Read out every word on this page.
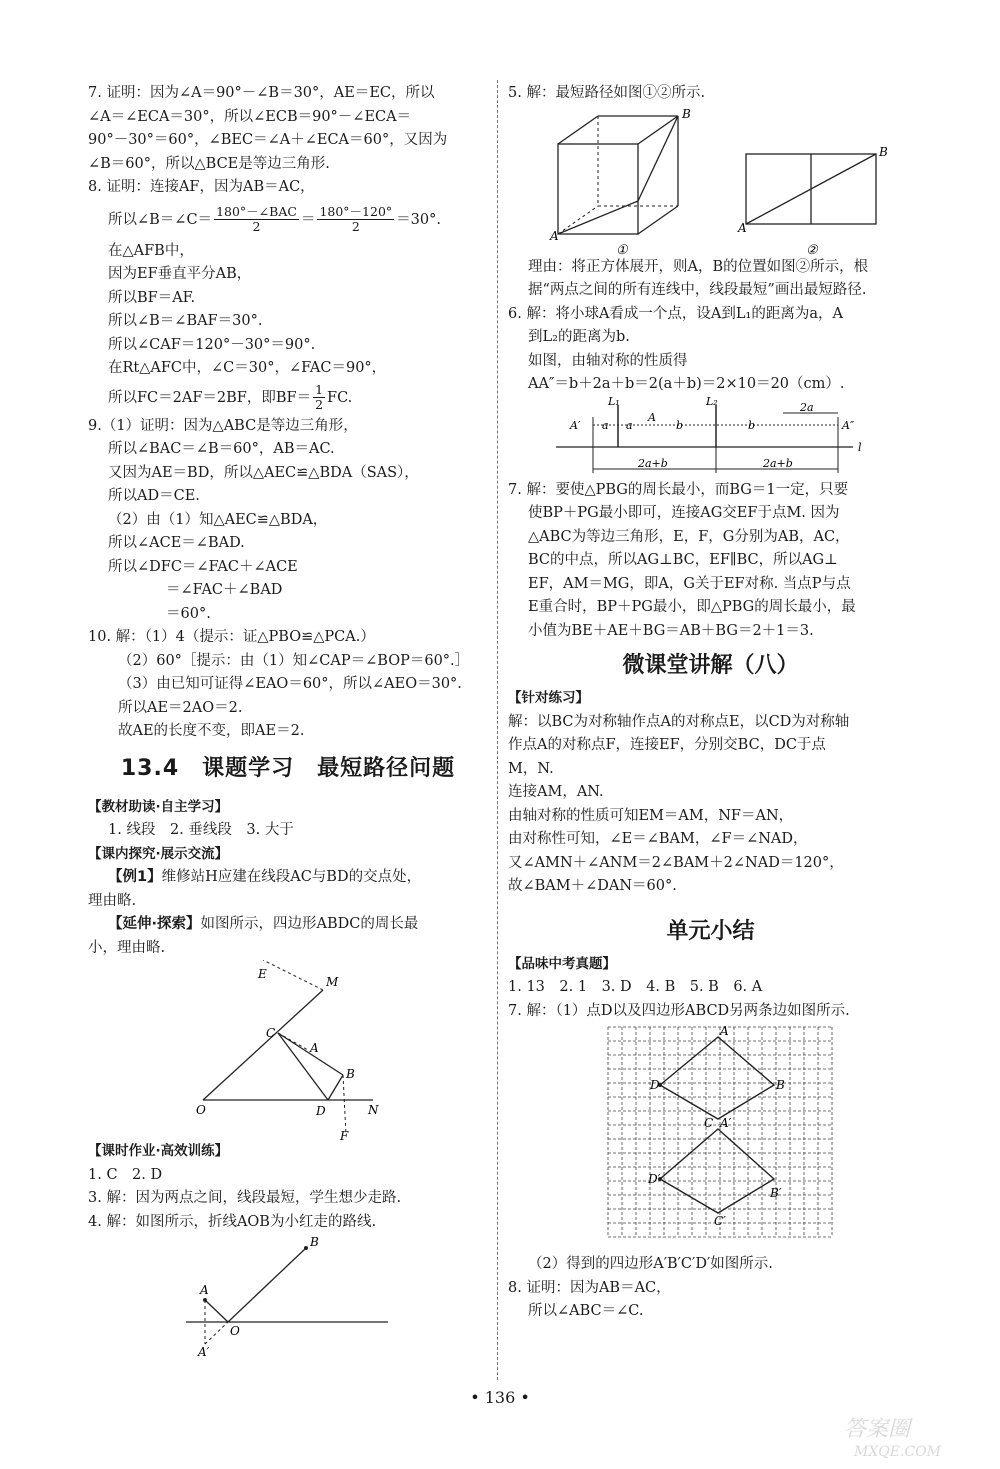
7. 证明：因为∠A＝90°－∠B＝30°，AE＝EC，所以
∠A＝∠ECA＝30°，所以∠ECB＝90°－∠ECA＝
90°－30°＝60°，∠BEC＝∠A＋∠ECA＝60°，又因为
∠B＝60°，所以△BCE是等边三角形.
8. 证明：连接AF，因为AB＝AC，
所以∠B＝∠C＝ $\frac{\text{180°－∠BAC}}{2} = \frac{180^\circ-120^\circ}{2} =30^\circ$.
在△AFB中，
因为EF垂直平分AB，
所以BF＝AF.
所以∠B＝∠BAF＝30°.
所以∠CAF＝120°－30°＝90°.
在Rt△AFC中，∠C＝30°，∠FAC＝90°，
所以FC＝2AF＝2BF，即$BF= \frac{1}{2}$ FC.
9.（1）证明：因为△ABC是等边三角形，
所以∠BAC＝∠B＝60°，AB＝AC.
又因为AE＝BD，所以△AEC≌△BDA（SAS），
所以AD＝CE.
（2）由（1）知△AEC≌△BDA，
所以∠ACE＝∠BAD.
所以∠DFC＝∠FAC＋∠ACE
＝∠FAC＋∠BAD
＝60°.
10. 解：（1）4（提示：证△PBO≌△PCA.）
（2）60°［提示：由（1）知∠CAP＝∠BOP＝60°.］
（3）由已知可证得∠EAO＝60°，所以∠AEO＝30°.
所以AE＝2AO＝2.
故AE的长度不变，即AE＝2.
13.4　课题学习　最短路径问题
【教材助读·自主学习】
1. 线段　2. 垂线段　3. 大于
【课内探究·展示交流】
【例1】维修站H应建在线段AC与BD的交点处，
理由略.
【延伸·探索】如图所示，四边形ABDC的周长最
小，理由略.
E
M
C
A
B
O	D	N
F
【课时作业·高效训练】
1. C　2. D
3. 解：因为两点之间，线段最短，学生想少走路.
4. 解：如图所示，折线AOB为小红走的路线.
B
A
O
A′
5. 解：最短路径如图①②所示.
A
B
①
A
B
②
理由：将正方体展开，则A，B的位置如图②所示，根
据“两点之间的所有连线中，线段最短”画出最短路径.
6. 解：将小球A看成一个点，设A到L₁的距离为a，A
到L₂的距离为b.
如图，由轴对称的性质得
AA″＝b＋2a＋b＝2(a＋b)＝2×10＝20（cm）.
A′ a a
A
b	b
2a
A″
L₁	L₂
l
2a+b	2a+b
7. 解：要使△PBG的周长最小，而BG＝1一定，只要
使BP＋PG最小即可，连接AG交EF于点M. 因为
△ABC为等边三角形，E，F，G分别为AB，AC，
BC的中点，所以AG⊥BC，EF∥BC，所以AG⊥
EF，AM＝MG，即A，G关于EF对称. 当点P与点
E重合时，BP＋PG最小，即△PBG的周长最小，最
小值为BE＋AE＋BG＝AB＋BG＝2＋1＝3.
微课堂讲解（八）
【针对练习】
解：以BC为对称轴作点A的对称点E，以CD为对称轴
作点A的对称点F，连接EF，分别交BC，DC于点
M，N.
连接AM，AN.
由轴对称的性质可知EM＝AM，NF＝AN，
由对称性可知，∠E＝∠BAM，∠F＝∠NAD，
又∠AMN＋∠ANM＝2∠BAM＋2∠NAD＝120°，
故∠BAM＋∠DAN＝60°.
单元小结
【品味中考真题】
1. 13　2. 1　3. D　4. B　5. B　6. A
7. 解：（1）点D以及四边形ABCD另两条边如图所示.
A
D	B
C A′
D′
B′
C′
（2）得到的四边形A′B′C′D′如图所示.
8. 证明：因为AB＝AC，
所以∠ABC＝∠C.
• 136 •
答案圈
MXQE.COM
